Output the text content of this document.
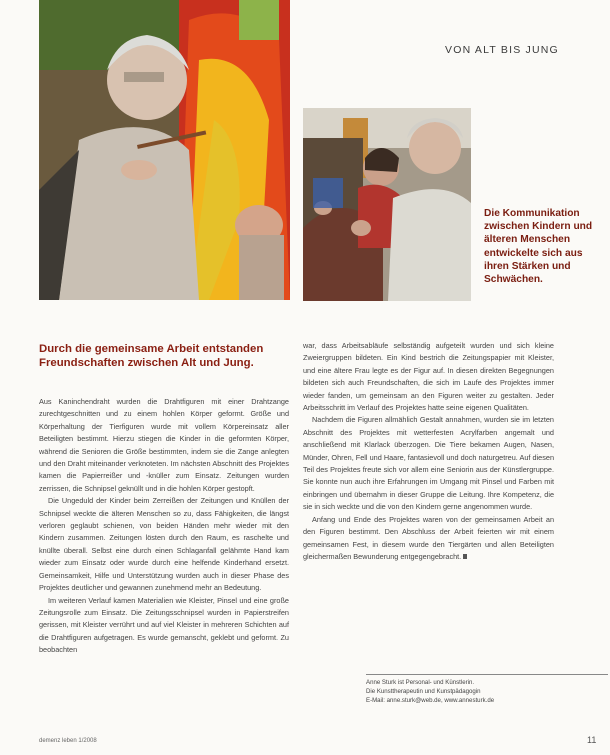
VON ALT BIS JUNG
Die Kommunikation zwischen Kindern und älteren Menschen entwickelte sich aus ihren Stärken und Schwächen.
Durch die gemeinsame Arbeit entstanden Freundschaften zwischen Alt und Jung.

Aus Kaninchendraht wurden die Drahtfiguren mit einer Drahtzange zurechtgeschnitten und zu einem hohlen Körper geformt. Größe und Körperhaltung der Tierfiguren wurde mit vollem Körpereinsatz aller Beteiligten bestimmt. Hierzu stiegen die Kinder in die geformten Körper, während die Senioren die Größe bestimmten, indem sie die Zange anlegten und den Draht miteinander verknoteten. Im nächsten Abschnitt des Projektes kamen die Papierreißer und -knüller zum Einsatz. Zeitungen wurden zerrissen, die Schnipsel geknüllt und in die hohlen Körper gestopft.

Die Ungeduld der Kinder beim Zerreißen der Zeitungen und Knüllen der Schnipsel weckte die älteren Menschen so zu, dass Fähigkeiten, die längst verloren geglaubt schienen, von beiden Händen mehr wieder mit den Kindern zusammen. Zeitungen lösten durch den Raum, es raschelte und knüllte überall. Selbst eine durch einen Schlaganfall gelähmte Hand kam wieder zum Einsatz oder wurde durch eine helfende Kinderhand ersetzt. Gemeinsamkeit, Hilfe und Unterstützung wurden auch in dieser Phase des Projektes deutlicher und gewannen zunehmend mehr an Bedeutung.

Im weiteren Verlauf kamen Materialien wie Kleister, Pinsel und eine große Zeitungsrolle zum Einsatz. Die Zeitungsschnipsel wurden in Papierstreifen gerissen, mit Kleister verrührt und auf viel Kleister in mehreren Schichten auf die Drahtfiguren aufgetragen. Es wurde gemanscht, geklebt und geformt. Zu beobachten

war, dass Arbeitsabläufe selbständig aufgeteilt wurden und sich kleine Zweiergruppen bildeten. Ein Kind bestrich die Zeitungspapier mit Kleister, und eine ältere Frau legte es der Figur auf. In diesen direkten Begegnungen bildeten sich auch Freundschaften, die sich im Laufe des Projektes immer wieder fanden, um gemeinsam an den Figuren weiter zu gestalten. Jeder Arbeitsschritt im Verlauf des Projektes hatte seine eigenen Qualitäten.

Nachdem die Figuren allmählich Gestalt annahmen, wurden sie im letzten Abschnitt des Projektes mit wetterfesten Acrylfarben angemalt und anschließend mit Klarlack überzogen. Die Tiere bekamen Augen, Nasen, Münder, Ohren, Fell und Haare, fantasievoll und doch naturgetreu. Auf diesen Teil des Projektes freute sich vor allem eine Seniorin aus der Künstlergruppe. Sie konnte nun auch ihre Erfahrungen im Umgang mit Pinsel und Farben mit einbringen und übernahm in dieser Gruppe die Leitung. Ihre Kompetenz, die sie in sich weckte und die von den Kindern gerne angenommen wurde.

Anfang und Ende des Projektes waren von der gemeinsamen Arbeit an den Figuren bestimmt. Den Abschluss der Arbeit feierten wir mit einem gemeinsamen Fest, in diesem wurde den Tiergärten und allen Beteiligten gleichermaßen Bewunderung entgegengebracht.

Anne Sturk ist Personal- und Künstlerin.
Die Kunsttherapeutin und Kunstpädagogin
E-Mail: anne.sturk@web.de, www.annesturk.de
demenz leben 1/2008	11
